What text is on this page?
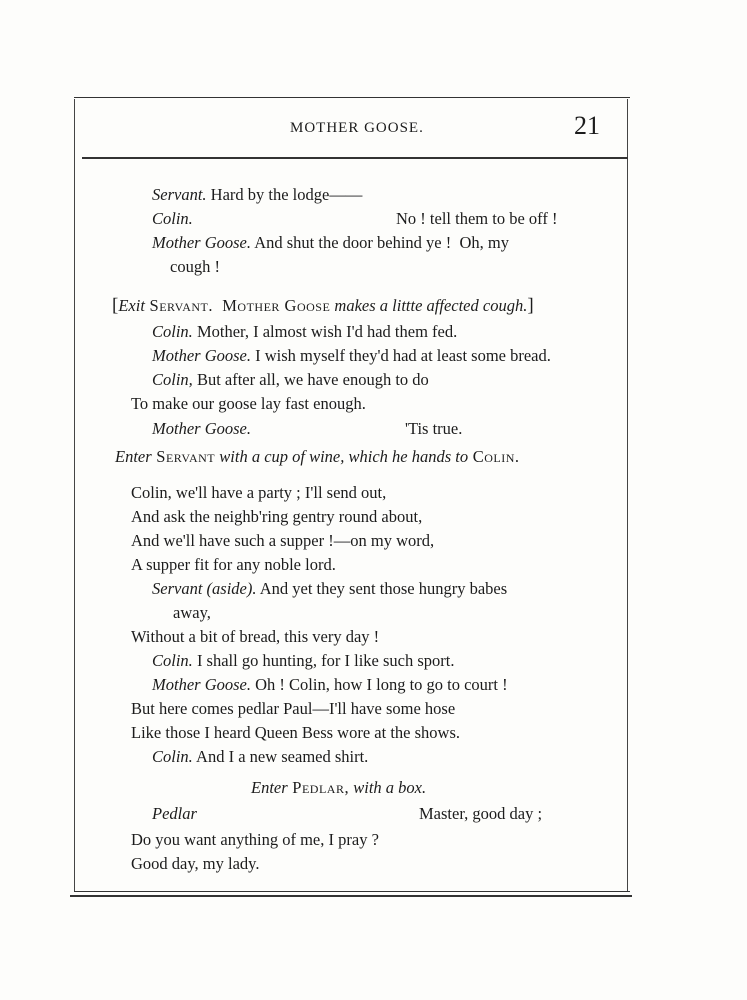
MOTHER GOOSE.	21
Servant. Hard by the lodge——
Colin.	No ! tell them to be off !
Mother Goose. And shut the door behind ye !  Oh, my
cough !
[Exit Servant.  Mother Goose makes a littte affected cough.]
Colin. Mother, I almost wish I'd had them fed.
Mother Goose. I wish myself they'd had at least some bread.
Colin, But after all, we have enough to do
To make our goose lay fast enough.
Mother Goose.	'Tis true.
Enter Servant with a cup of wine, which he hands to Colin.
Colin, we'll have a party ; I'll send out,
And ask the neighb'ring gentry round about,
And we'll have such a supper !—on my word,
A supper fit for any noble lord.
Servant (aside). And yet they sent those hungry babes
away,
Without a bit of bread, this very day !
Colin. I shall go hunting, for I like such sport.
Mother Goose. Oh ! Colin, how I long to go to court !
But here comes pedlar Paul—I'll have some hose
Like those I heard Queen Bess wore at the shows.
Colin. And I a new seamed shirt.
Enter Pedlar, with a box.
Pedlar	Master, good day ;
Do you want anything of me, I pray ?
Good day, my lady.
